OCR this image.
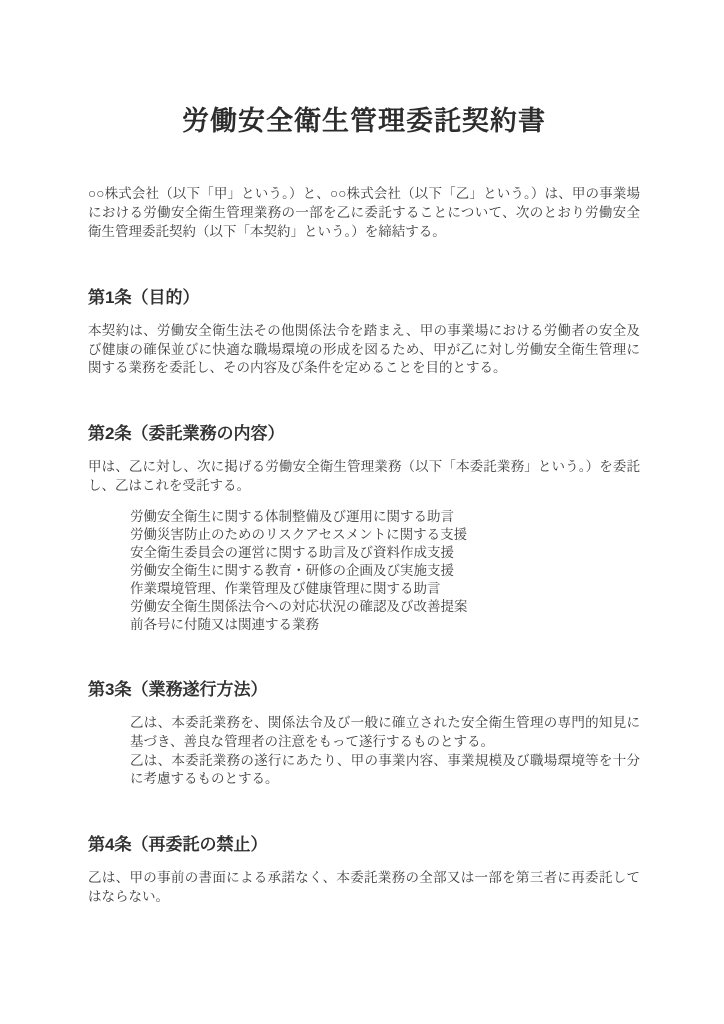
労働安全衛生管理委託契約書

○○株式会社（以下「甲」という。）と、○○株式会社（以下「乙」という。）は、甲の事業場における労働安全衛生管理業務の一部を乙に委託することについて、次のとおり労働安全衛生管理委託契約（以下「本契約」という。）を締結する。

第1条（目的）

本契約は、労働安全衛生法その他関係法令を踏まえ、甲の事業場における労働者の安全及び健康の確保並びに快適な職場環境の形成を図るため、甲が乙に対し労働安全衛生管理に関する業務を委託し、その内容及び条件を定めることを目的とする。

第2条（委託業務の内容）

甲は、乙に対し、次に掲げる労働安全衛生管理業務（以下「本委託業務」という。）を委託し、乙はこれを受託する。

労働安全衛生に関する体制整備及び運用に関する助言

労働災害防止のためのリスクアセスメントに関する支援

安全衛生委員会の運営に関する助言及び資料作成支援

労働安全衛生に関する教育・研修の企画及び実施支援

作業環境管理、作業管理及び健康管理に関する助言

労働安全衛生関係法令への対応状況の確認及び改善提案

前各号に付随又は関連する業務

第3条（業務遂行方法）

乙は、本委託業務を、関係法令及び一般に確立された安全衛生管理の専門的知見に基づき、善良な管理者の注意をもって遂行するものとする。

乙は、本委託業務の遂行にあたり、甲の事業内容、事業規模及び職場環境等を十分に考慮するものとする。

第4条（再委託の禁止）

乙は、甲の事前の書面による承諾なく、本委託業務の全部又は一部を第三者に再委託してはならない。
